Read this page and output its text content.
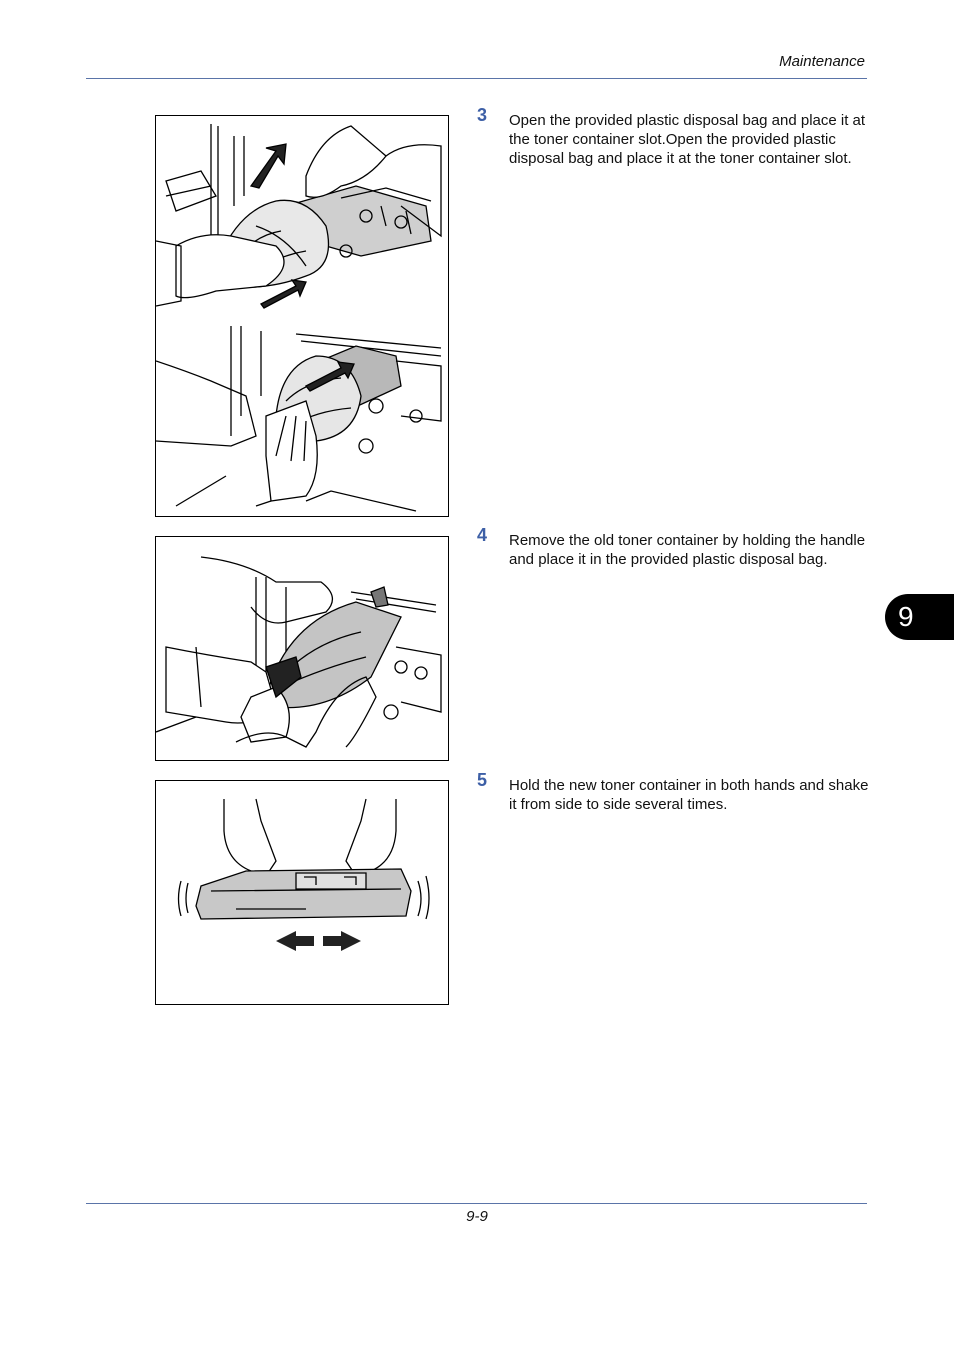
Maintenance
9
3 Open the provided plastic disposal bag and place it at the toner container slot.Open the provided plastic disposal bag and place it at the toner container slot.
4 Remove the old toner container by holding the handle and place it in the provided plastic disposal bag.
5 Hold the new toner container in both hands and shake it from side to side several times.
9-9
